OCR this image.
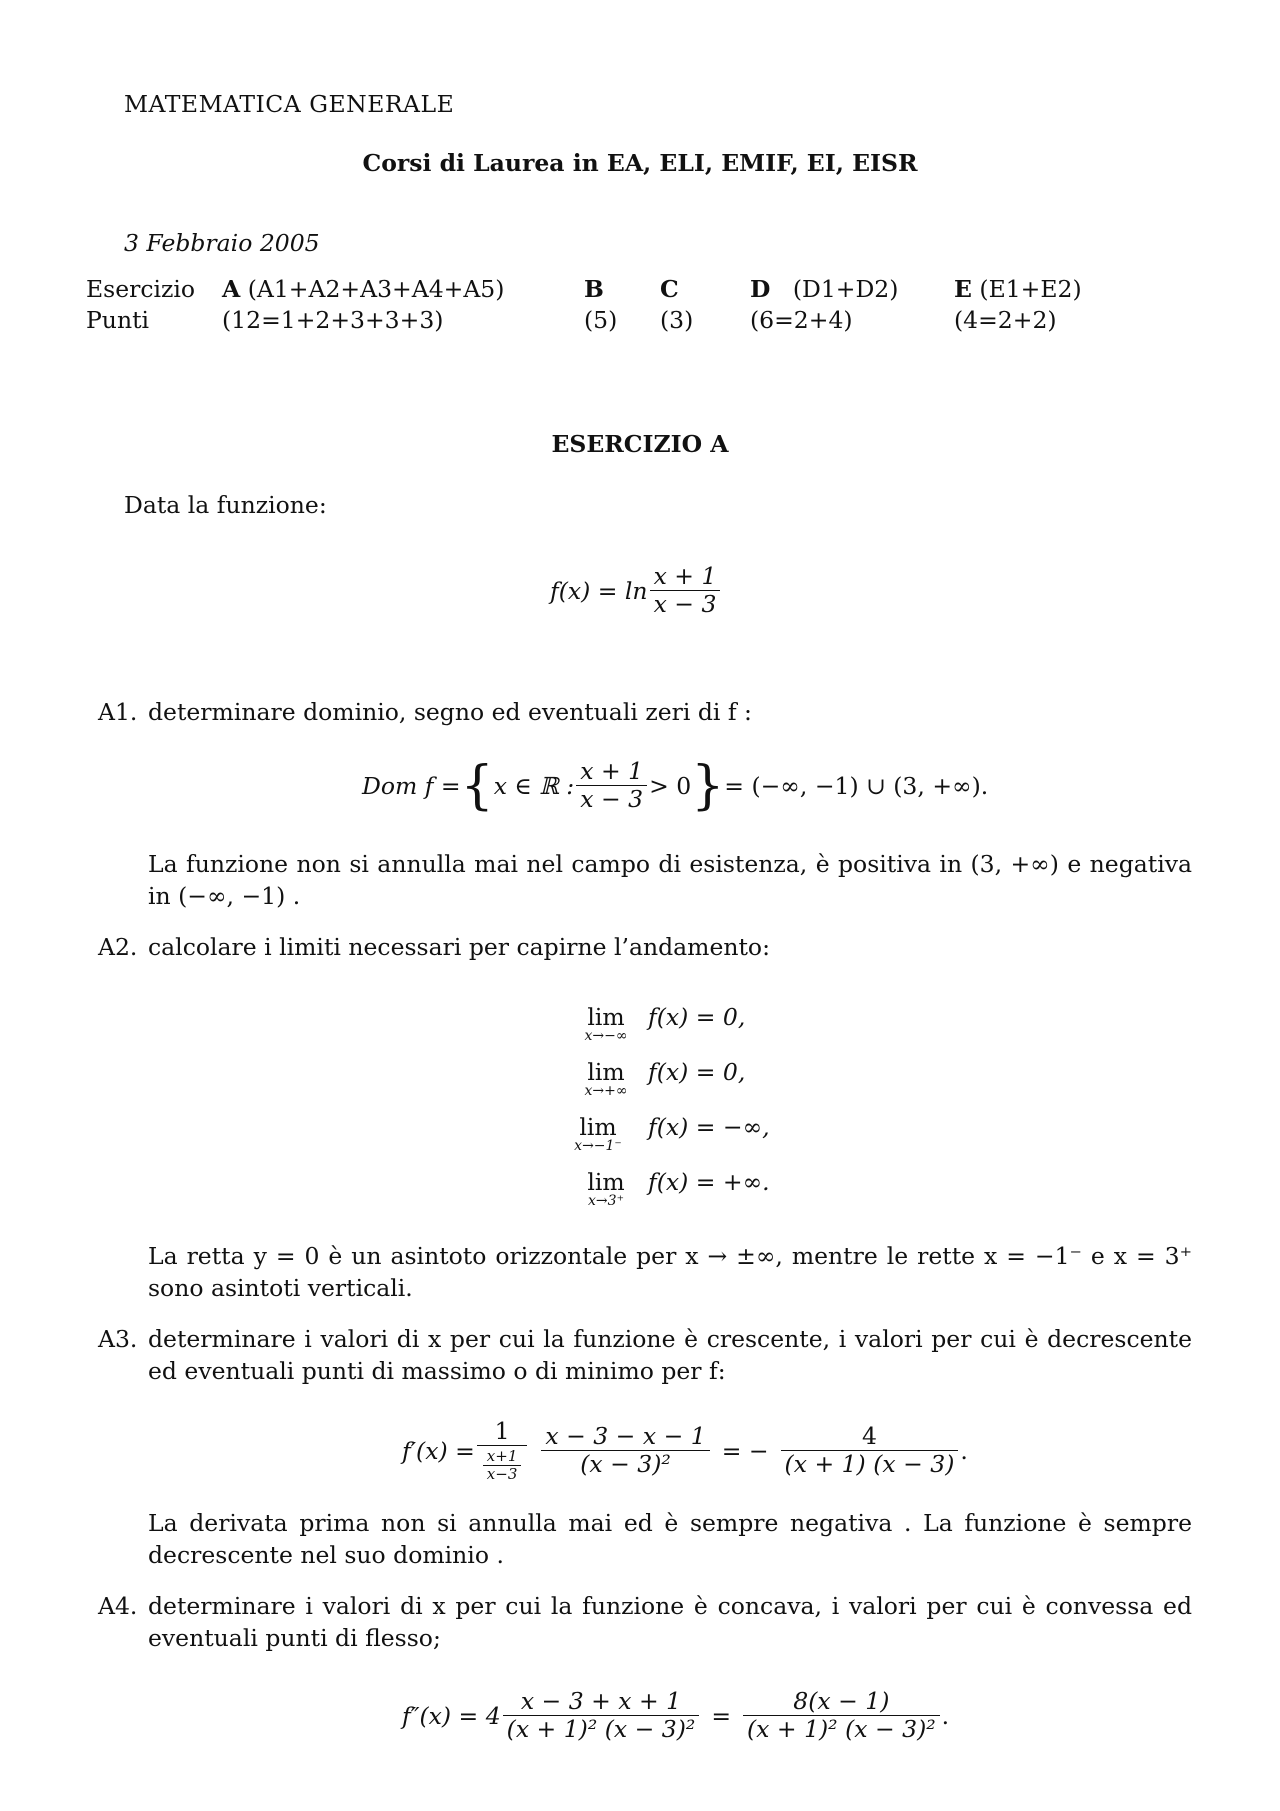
MATEMATICA GENERALE
Corsi di Laurea in EA, ELI, EMIF, EI, EISR
3 Febbraio 2005
Esercizio	A (A1+A2+A3+A4+A5)	B	C	D (D1+D2)	E (E1+E2)
Punti	(12=1+2+3+3+3)	(5)	(3)	(6=2+4)	(4=2+2)
ESERCIZIO A
Data la funzione:
$f(x) = \ln \frac{x + 1}{x - 3}$
A1. determinare dominio, segno ed eventuali zeri di f :
Dom f = { x ∈ ℝ : $\frac{x + 1}{x - 3} > 0$ } = (−∞, −1) ∪ (3, +∞).
La funzione non si annulla mai nel campo di esistenza, è positiva in (3, +∞) e negativa in (−∞, −1) .
A2. calcolare i limiti necessari per capirne l’andamento:
lim
x→−∞
f(x) = 0,
lim
x→+∞
f(x) = 0,
lim
x→−1⁻
f(x) = −∞,
lim
x→3⁺
f(x) = +∞.
La retta y = 0 è un asintoto orizzontale per x → ±∞, mentre le rette x = −1⁻ e x = 3⁺ sono asintoti verticali.
A3. determinare i valori di x per cui la funzione è crescente, i valori per cui è decrescente ed eventuali punti di massimo o di minimo per f:
$f'(x) = \frac{1}{\frac{x+1}{x-3}} \frac{x - 3 - x - 1}{\text{(x − 3)²}}$ = − $\frac{4}{(x + 1) (x - 3)}$ .
La derivata prima non si annulla mai ed è sempre negativa . La funzione è sempre decrescente nel suo dominio .
A4. determinare i valori di x per cui la funzione è concava, i valori per cui è convessa ed eventuali punti di flesso;
$f''(x) = 4 \frac{x - 3 + x + 1}{\text{(x + 1)² (x − 3)²}} = \frac{8(x - 1)}{\text{(x + 1)² (x − 3)²}}$ .
